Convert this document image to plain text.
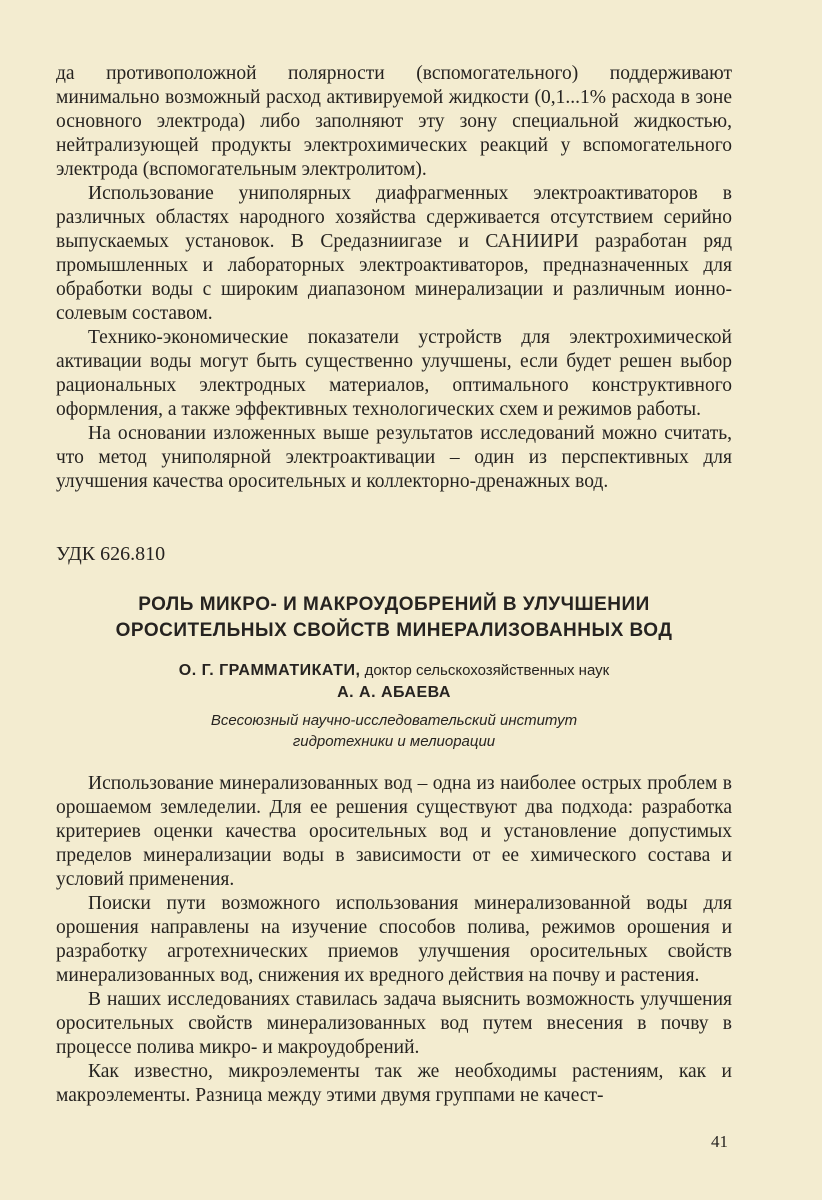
да противоположной полярности (вспомогательного) поддерживают минимально возможный расход активируемой жидкости (0,1...1% расхода в зоне основного электрода) либо заполняют эту зону специальной жидкостью, нейтрализующей продукты электрохимических реакций у вспомогательного электрода (вспомогательным электролитом).

Использование униполярных диафрагменных электроактиваторов в различных областях народного хозяйства сдерживается отсутствием серийно выпускаемых установок. В Средазниигазе и САНИИРИ разработан ряд промышленных и лабораторных электроактиваторов, предназначенных для обработки воды с широким диапазоном минерализации и различным ионно-солевым составом.

Технико-экономические показатели устройств для электрохимической активации воды могут быть существенно улучшены, если будет решен выбор рациональных электродных материалов, оптимального конструктивного оформления, а также эффективных технологических схем и режимов работы.

На основании изложенных выше результатов исследований можно считать, что метод униполярной электроактивации – один из перспективных для улучшения качества оросительных и коллекторно-дренажных вод.

УДК 626.810
РОЛЬ МИКРО- И МАКРОУДОБРЕНИЙ В УЛУЧШЕНИИ
ОРОСИТЕЛЬНЫХ СВОЙСТВ МИНЕРАЛИЗОВАННЫХ ВОД
О. Г. ГРАММАТИКАТИ, доктор сельскохозяйственных наук
А. А. АБАЕВА
Всесоюзный научно-исследовательский институт
гидротехники и мелиорации

Использование минерализованных вод – одна из наиболее острых проблем в орошаемом земледелии. Для ее решения существуют два подхода: разработка критериев оценки качества оросительных вод и установление допустимых пределов минерализации воды в зависимости от ее химического состава и условий применения.

Поиски пути возможного использования минерализованной воды для орошения направлены на изучение способов полива, режимов орошения и разработку агротехнических приемов улучшения оросительных свойств минерализованных вод, снижения их вредного действия на почву и растения.

В наших исследованиях ставилась задача выяснить возможность улучшения оросительных свойств минерализованных вод путем внесения в почву в процессе полива микро- и макроудобрений.

Как известно, микроэлементы так же необходимы растениям, как и макроэлементы. Разница между этими двумя группами не качест-

41
